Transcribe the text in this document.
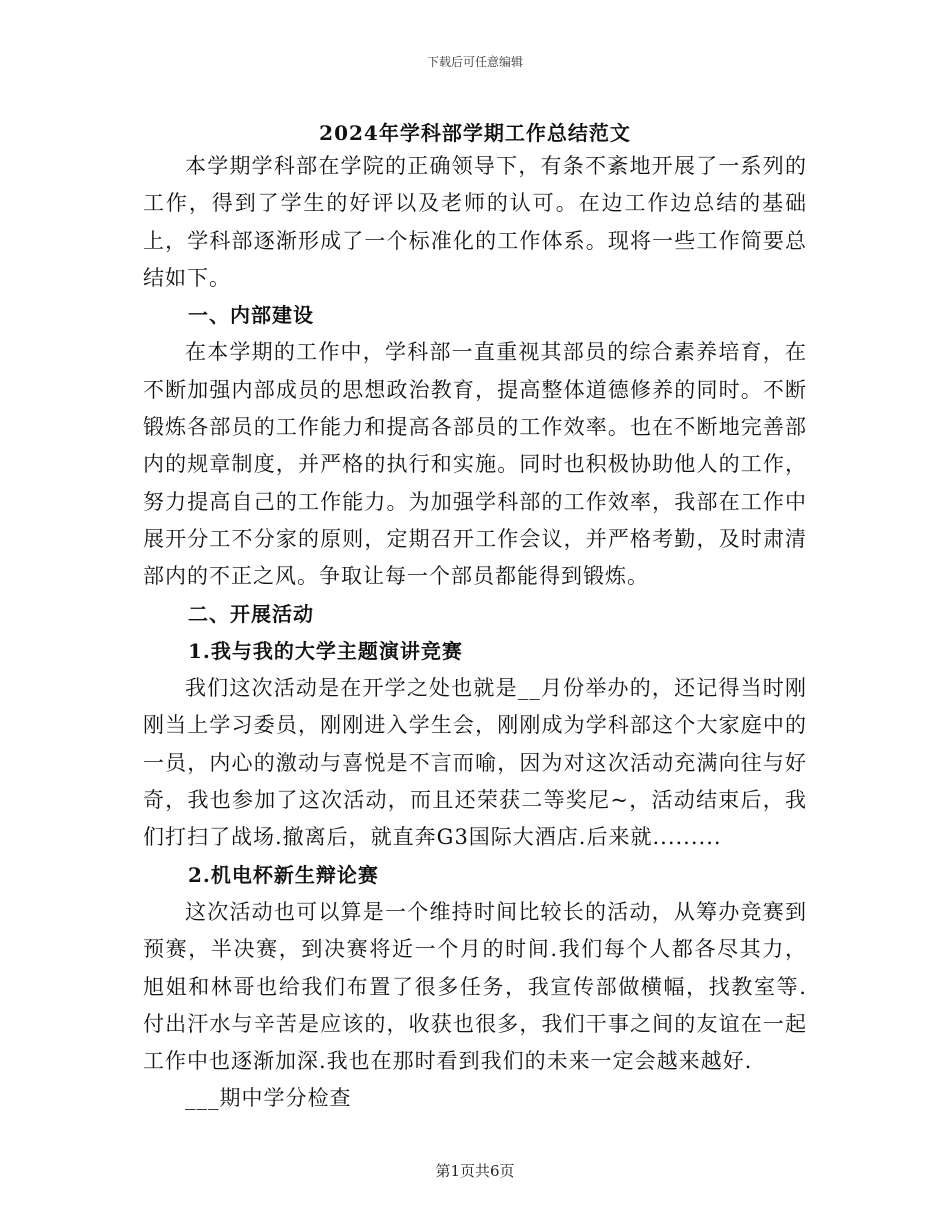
下载后可任意编辑
2024年学科部学期工作总结范文

本学期学科部在学院的正确领导下，有条不紊地开展了一系列的工作，得到了学生的好评以及老师的认可。在边工作边总结的基础上，学科部逐渐形成了一个标准化的工作体系。现将一些工作简要总结如下。

一、内部建设

在本学期的工作中，学科部一直重视其部员的综合素养培育，在不断加强内部成员的思想政治教育，提高整体道德修养的同时。不断锻炼各部员的工作能力和提高各部员的工作效率。也在不断地完善部内的规章制度，并严格的执行和实施。同时也积极协助他人的工作，努力提高自己的工作能力。为加强学科部的工作效率，我部在工作中展开分工不分家的原则，定期召开工作会议，并严格考勤，及时肃清部内的不正之风。争取让每一个部员都能得到锻炼。

二、开展活动

1.我与我的大学主题演讲竞赛

我们这次活动是在开学之处也就是__月份举办的，还记得当时刚刚当上学习委员，刚刚进入学生会，刚刚成为学科部这个大家庭中的一员，内心的激动与喜悦是不言而喻，因为对这次活动充满向往与好奇，我也参加了这次活动，而且还荣获二等奖尼~，活动结束后，我们打扫了战场.撤离后，就直奔G3国际大酒店.后来就.........

2.机电杯新生辩论赛

这次活动也可以算是一个维持时间比较长的活动，从筹办竞赛到预赛，半决赛，到决赛将近一个月的时间.我们每个人都各尽其力，旭姐和林哥也给我们布置了很多任务，我宣传部做横幅，找教室等.付出汗水与辛苦是应该的，收获也很多，我们干事之间的友谊在一起工作中也逐渐加深.我也在那时看到我们的未来一定会越来越好.

___期中学分检查

第1页共6页
